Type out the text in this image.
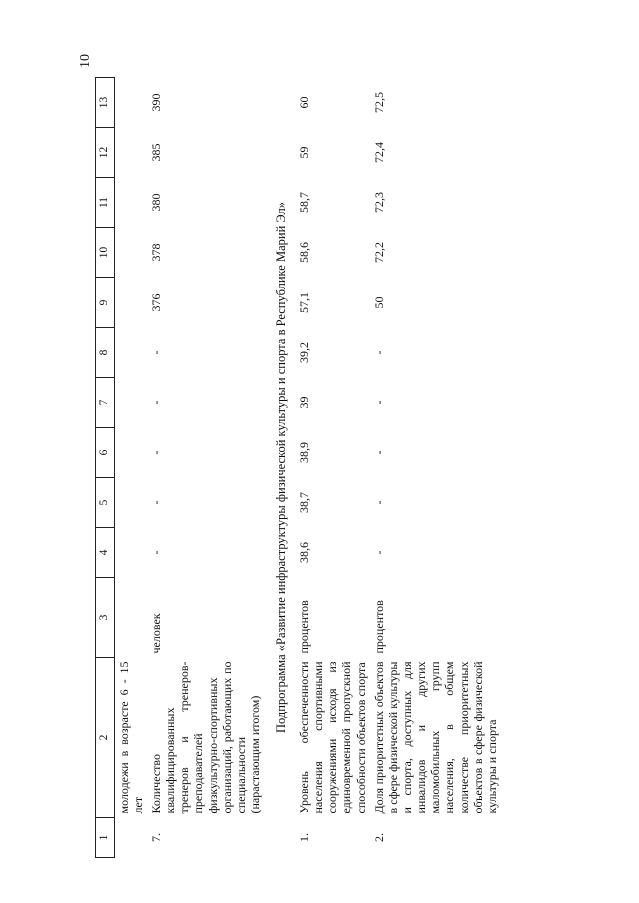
10
1	2	3	4	5	6	7	8	9	10	11	12	13
	молодежи в возрасте 6 - 15 лет											
7.	Количество квалифицированных тренеров и тренеров-преподавателей физкультурно-спортивных организаций, работающих по специальности (нарастающим итогом)	человек	-	-	-	-	-	376	378	380	385	390
Подпрограмма «Развитие инфраструктуры физической культуры и спорта в Республике Марий Эл»												
1.	Уровень обеспеченности населения спортивными сооружениями исходя из единовременной пропускной способности объектов спорта	процентов	38,6	38,7	38,9	39	39,2	57,1	58,6	58,7	59	60
2.	Доля приоритетных объектов в сфере физической культуры и спорта, доступных для инвалидов и других маломобильных групп населения, в общем количестве приоритетных объектов в сфере физической культуры и спорта	процентов	-	-	-	-	-	50	72,2	72,3	72,4	72,5
